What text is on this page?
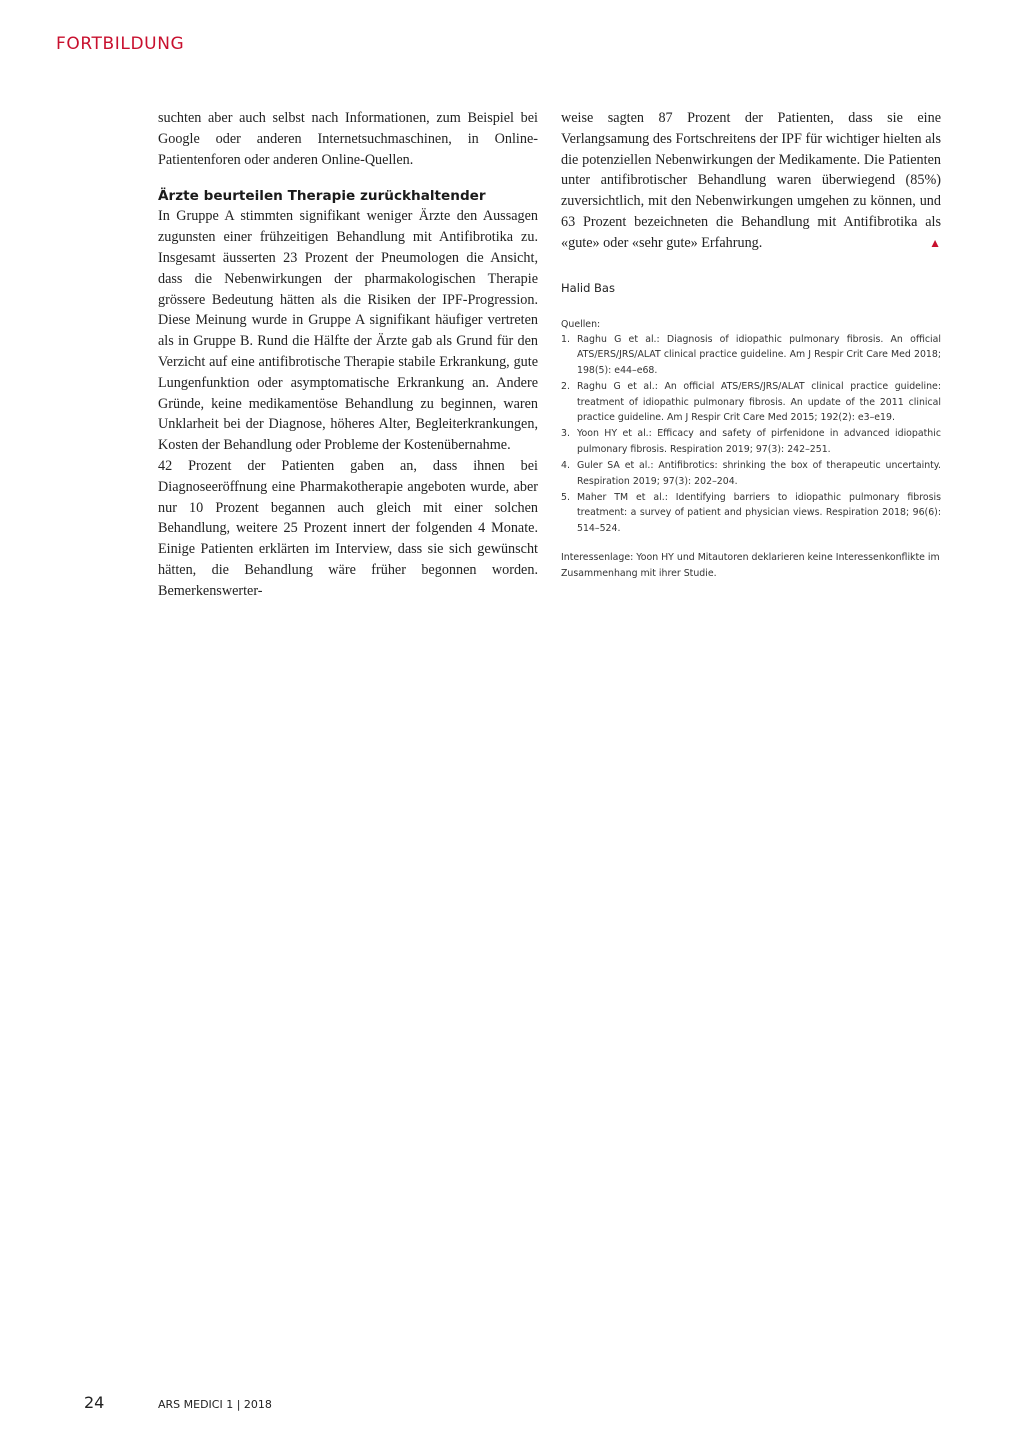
FORTBILDUNG

suchten aber auch selbst nach Informationen, zum Beispiel bei Google oder anderen Internetsuchmaschinen, in Online-Patientenforen oder anderen Online-Quellen.

Ärzte beurteilen Therapie zurückhaltender

In Gruppe A stimmten signifikant weniger Ärzte den Aussagen zugunsten einer frühzeitigen Behandlung mit Antifibrotika zu. Insgesamt äusserten 23 Prozent der Pneumologen die Ansicht, dass die Nebenwirkungen der pharmakologischen Therapie grössere Bedeutung hätten als die Risiken der IPF-Progression. Diese Meinung wurde in Gruppe A signifikant häufiger vertreten als in Gruppe B. Rund die Hälfte der Ärzte gab als Grund für den Verzicht auf eine antifibrotische Therapie stabile Erkrankung, gute Lungenfunktion oder asymptomatische Erkrankung an. Andere Gründe, keine medikamentöse Behandlung zu beginnen, waren Unklarheit bei der Diagnose, höheres Alter, Begleiterkrankungen, Kosten der Behandlung oder Probleme der Kostenübernahme.

42 Prozent der Patienten gaben an, dass ihnen bei Diagnoseeröffnung eine Pharmakotherapie angeboten wurde, aber nur 10 Prozent begannen auch gleich mit einer solchen Behandlung, weitere 25 Prozent innert der folgenden 4 Monate. Einige Patienten erklärten im Interview, dass sie sich gewünscht hätten, die Behandlung wäre früher begonnen worden. Bemerkenswerter-

weise sagten 87 Prozent der Patienten, dass sie eine Verlangsamung des Fortschreitens der IPF für wichtiger hielten als die potenziellen Nebenwirkungen der Medikamente. Die Patienten unter antifibrotischer Behandlung waren überwiegend (85%) zuversichtlich, mit den Nebenwirkungen umgehen zu können, und 63 Prozent bezeichneten die Behandlung mit Antifibrotika als «gute» oder «sehr gute» Erfahrung.	▲

Halid Bas
Quellen:
1. Raghu G et al.: Diagnosis of idiopathic pulmonary fibrosis. An official ATS/ERS/JRS/ALAT clinical practice guideline. Am J Respir Crit Care Med 2018; 198(5): e44–e68.
2. Raghu G et al.: An official ATS/ERS/JRS/ALAT clinical practice guideline: treatment of idiopathic pulmonary fibrosis. An update of the 2011 clinical practice guideline. Am J Respir Crit Care Med 2015; 192(2): e3–e19.
3. Yoon HY et al.: Efficacy and safety of pirfenidone in advanced idiopathic pulmonary fibrosis. Respiration 2019; 97(3): 242–251.
4. Guler SA et al.: Antifibrotics: shrinking the box of therapeutic uncertainty. Respiration 2019; 97(3): 202–204.
5. Maher TM et al.: Identifying barriers to idiopathic pulmonary fibrosis treatment: a survey of patient and physician views. Respiration 2018; 96(6): 514–524.
Interessenlage: Yoon HY und Mitautoren deklarieren keine Interessenkonflikte im Zusammenhang mit ihrer Studie.
24	ARS MEDICI 1 | 2018
